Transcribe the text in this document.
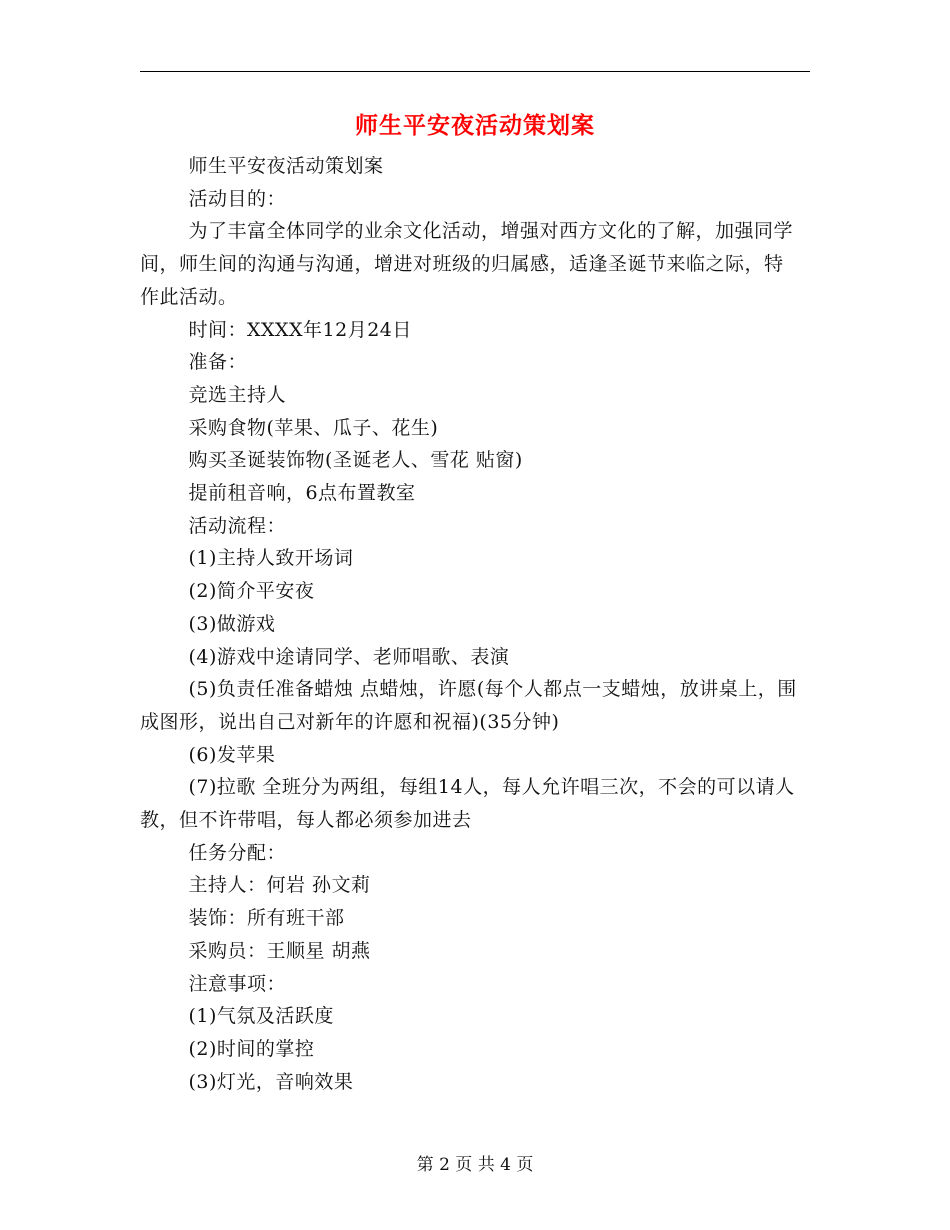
师生平安夜活动策划案

师生平安夜活动策划案

活动目的：

为了丰富全体同学的业余文化活动，增强对西方文化的了解，加强同学间，师生间的沟通与沟通，增进对班级的归属感，适逢圣诞节来临之际，特作此活动。

时间：XXXX年12月24日

准备：

竞选主持人

采购食物(苹果、瓜子、花生)

购买圣诞装饰物(圣诞老人、雪花 贴窗)

提前租音响，6点布置教室

活动流程：

(1)主持人致开场词

(2)简介平安夜

(3)做游戏

(4)游戏中途请同学、老师唱歌、表演

(5)负责任准备蜡烛 点蜡烛，许愿(每个人都点一支蜡烛，放讲桌上，围成图形，说出自己对新年的许愿和祝福)(35分钟)

(6)发苹果

(7)拉歌 全班分为两组，每组14人，每人允许唱三次，不会的可以请人教，但不许带唱，每人都必须参加进去

任务分配：

主持人：何岩 孙文莉

装饰：所有班干部

采购员：王顺星 胡燕

注意事项：

(1)气氛及活跃度

(2)时间的掌控

(3)灯光，音响效果

第 2 页 共 4 页
